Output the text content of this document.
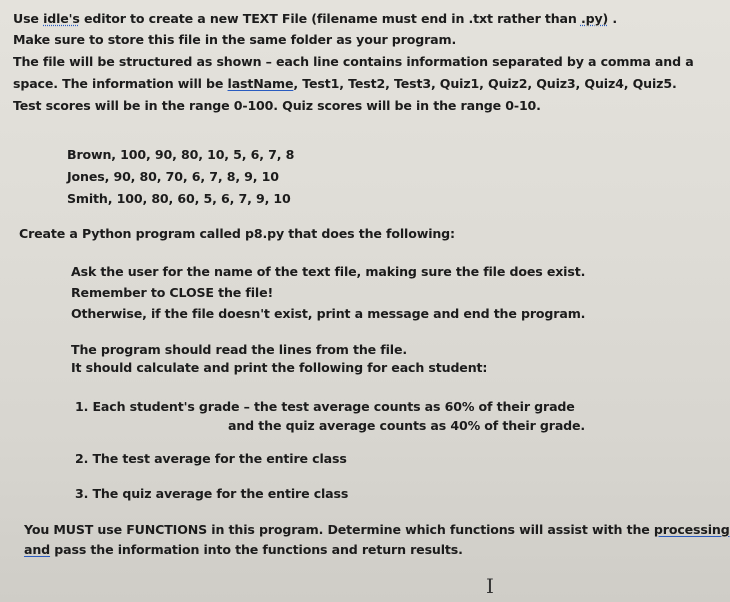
Use idle's editor to create a new TEXT File (filename must end in .txt rather than .py) .
Make sure to store this file in the same folder as your program.
The file will be structured as shown – each line contains information separated by a comma and a
space. The information will be lastName, Test1, Test2, Test3, Quiz1, Quiz2, Quiz3, Quiz4, Quiz5.
Test scores will be in the range 0-100. Quiz scores will be in the range 0-10.
Brown, 100, 90, 80, 10, 5, 6, 7, 8
Jones, 90, 80, 70, 6, 7, 8, 9, 10
Smith, 100, 80, 60, 5, 6, 7, 9, 10
Create a Python program called p8.py that does the following:
Ask the user for the name of the text file, making sure the file does exist.
Remember to CLOSE the file!
Otherwise, if the file doesn't exist, print a message and end the program.
The program should read the lines from the file.
It should calculate and print the following for each student:
1. Each student's grade – the test average counts as 60% of their grade
and the quiz average counts as 40% of their grade.
2. The test average for the entire class
3. The quiz average for the entire class
You MUST use FUNCTIONS in this program. Determine which functions will assist with the processing
and pass the information into the functions and return results.
I
